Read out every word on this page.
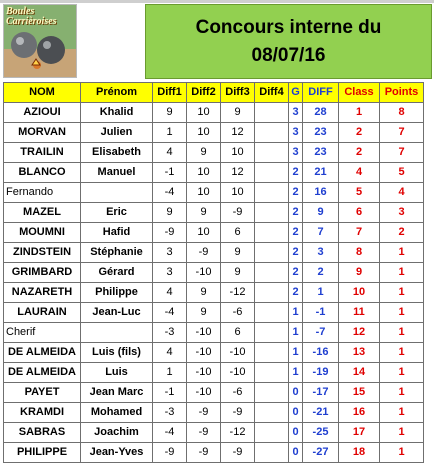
Boules Carrièroises	Concours interne du
08/07/16
NOM	Prénom	Diff1	Diff2	Diff3	Diff4	G	DIFF	Class	Points
AZIOUI	Khalid	9	10	9		3	28	1	8
MORVAN	Julien	1	10	12		3	23	2	7
TRAILIN	Elisabeth	4	9	10		3	23	2	7
BLANCO	Manuel	-1	10	12		2	21	4	5
Fernando		-4	10	10		2	16	5	4
MAZEL	Eric	9	9	-9		2	9	6	3
MOUMNI	Hafid	-9	10	6		2	7	7	2
ZINDSTEIN	Stéphanie	3	-9	9		2	3	8	1
GRIMBARD	Gérard	3	-10	9		2	2	9	1
NAZARETH	Philippe	4	9	-12		2	1	10	1
LAURAIN	Jean-Luc	-4	9	-6		1	-1	11	1
Cherif		-3	-10	6		1	-7	12	1
DE ALMEIDA	Luis (fils)	4	-10	-10		1	-16	13	1
DE ALMEIDA	Luis	1	-10	-10		1	-19	14	1
PAYET	Jean Marc	-1	-10	-6		0	-17	15	1
KRAMDI	Mohamed	-3	-9	-9		0	-21	16	1
SABRAS	Joachim	-4	-9	-12		0	-25	17	1
PHILIPPE	Jean-Yves	-9	-9	-9		0	-27	18	1
